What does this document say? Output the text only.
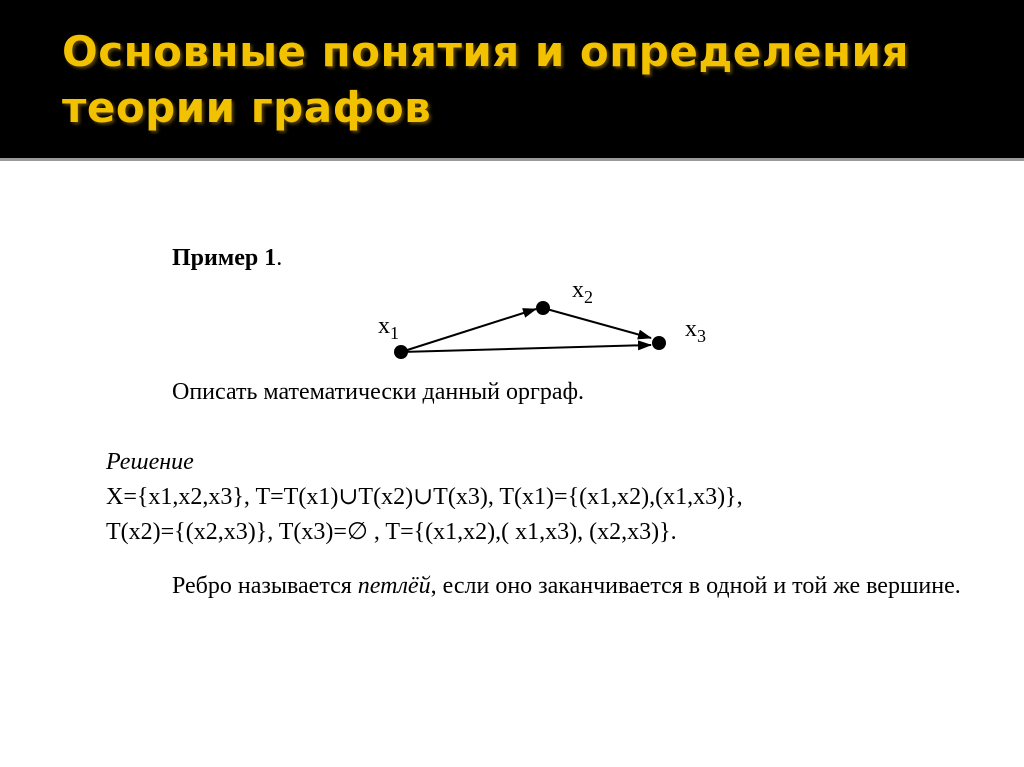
Основные понятия и определения теории графов
Пример 1.
$x_1$
$x_2$
$x_3$
Описать математически данный орграф.
Решение
X={x1,x2,x3}, T=T(x1)∪T(x2)∪T(x3), T(x1)={(x1,x2),(x1,x3)},
T(x2)={(x2,x3)}, T(x3)=∅ , T={(x1,x2),( x1,x3), (x2,x3)}.
Ребро называется петлёй, если оно заканчивается в одной и той же вершине.
